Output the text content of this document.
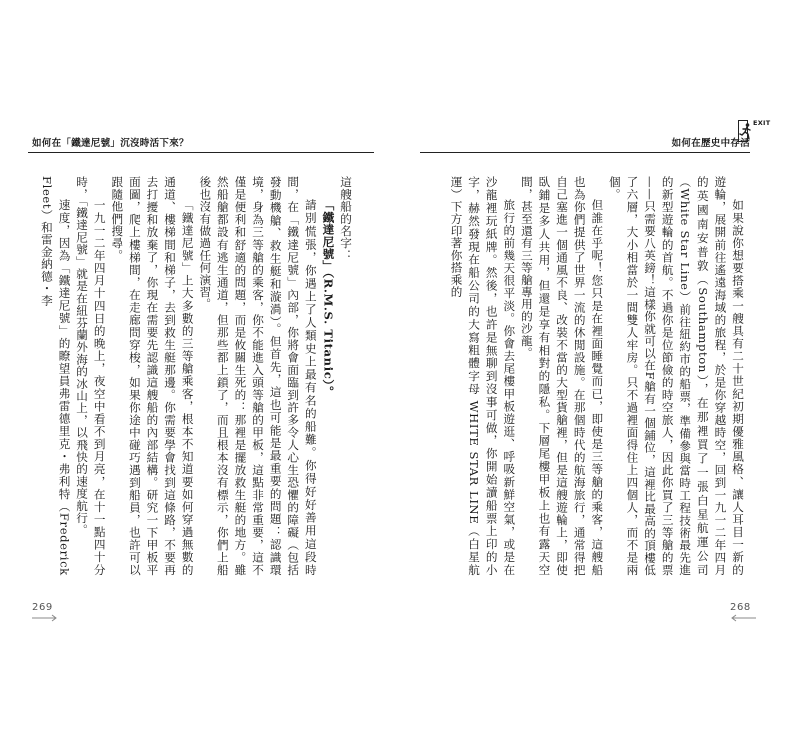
如何在「鐵達尼號」沉沒時活下來？

這艘船的名字：

「鐵達尼號」（R.M.S. Titanic）。

請別慌張，你遇上了人類史上最有名的船難。你得好好善用這段時間，在「鐵達尼號」內部，你將會面臨到許多令人心生恐懼的障礙（包括發動機艙、救生艇和漩渦）。但首先，這也可能是最重要的問題：認識環境，身為三等艙的乘客，你不能進入頭等艙的甲板，這點非常重要，這不僅是便利和舒適的問題，而是攸關生死的：那裡是擺放救生艇的地方。雖然船艙都設有逃生通道，但那些都上鎖了，而且根本沒有標示，你們上船後也沒有做過任何演習。

「鐵達尼號」上大多數的三等艙乘客，根本不知道要如何穿過無數的通道、樓梯間和梯子，去到救生艇那邊。你需要學會找到這條路，不要再去打擾和放棄了，你現在需要先認識這艘船的內部結構。研究一下甲板平面圖，爬上樓梯間，在走廊問穿梭，如果你途中碰巧遇到船員，也許可以跟隨他們搜尋。

一九一二年四月十四日的晚上，夜空中看不到月亮，在十一點四十分時，「鐵達尼號」就是在紐芬蘭外海的冰山上，以飛快的速度航行。

速度，因為「鐵達尼號」的瞭望員弗雷德里克・弗利特（Frederick Fleet）和雷金納德・李

269
如何在歷史中存活
EXIT

如果說你想要搭乘一艘具有二十世紀初期優雅風格、讓人耳目一新的遊輪，展開前往遙遠海域的旅程，於是你穿越時空，回到一九一二年四月的英國南安普敦（Southampton），在那裡買了一張白星航運公司（White Star Line）前往紐約市的船票，準備參與當時工程技術最先進的新型遊輪的首航。不過你是位節儉的時空旅人，因此你買了三等艙的票——只需要八英鎊！這樣你就可以在F艙有一個鋪位，這裡比最高的頂樓低了六層，大小相當於一間雙人牢房。只不過裡面得住上四個人，而不是兩個。

但誰在乎呢！您只是在裡面睡覺而已，即使是三等艙的乘客，這艘船也為你們提供了世界一流的休閒設施。在那個時代的航海旅行，通常得把自己塞進一個通風不良、改裝不當的大型貨艙裡，但是這艘遊輪上，即使臥鋪是多人共用，但還是享有相對的隱私。下層尾樓甲板上也有露天空間，甚至還有三等艙專用的沙龍。

旅行的前幾天很平淡。你會去尾樓甲板遊逛、呼吸新鮮空氣，或是在沙龍裡玩紙牌。然後，也許是無聊到沒事可做，你開始讀船票上印的小字，赫然發現在船公司的大寫粗體字母 WHITE STAR LINE（白星航運）下方印著你搭乘的

268
